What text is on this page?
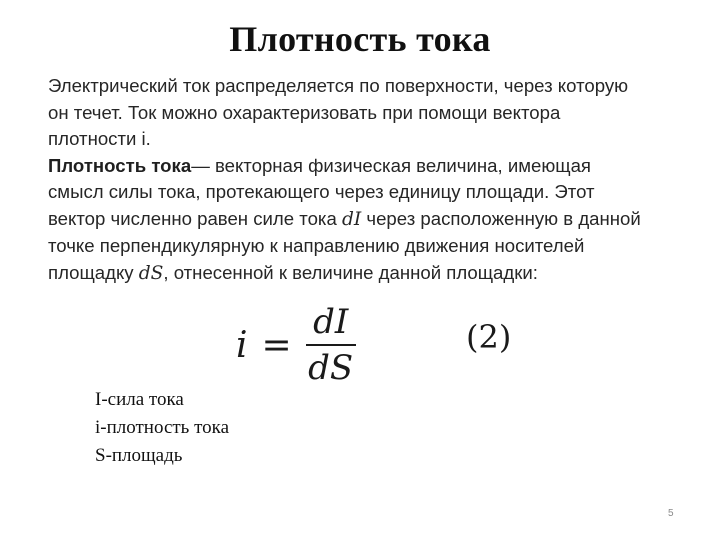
Плотность тока

Электрический ток распределяется по поверхности, через которую

он течет. Ток можно охарактеризовать при помощи вектора

плотности i.

Плотность тока— векторная физическая величина, имеющая

смысл силы тока, протекающего через единицу площади. Этот

вектор численно равен силе тока dI через расположенную в данной

точке перпендикулярную к направлению движения носителей

площадку dS, отнесенной к величине данной площадки:

$i = \frac{dI}{dS}$	(2)
I-сила тока
i-плотность тока
S-площадь
5
